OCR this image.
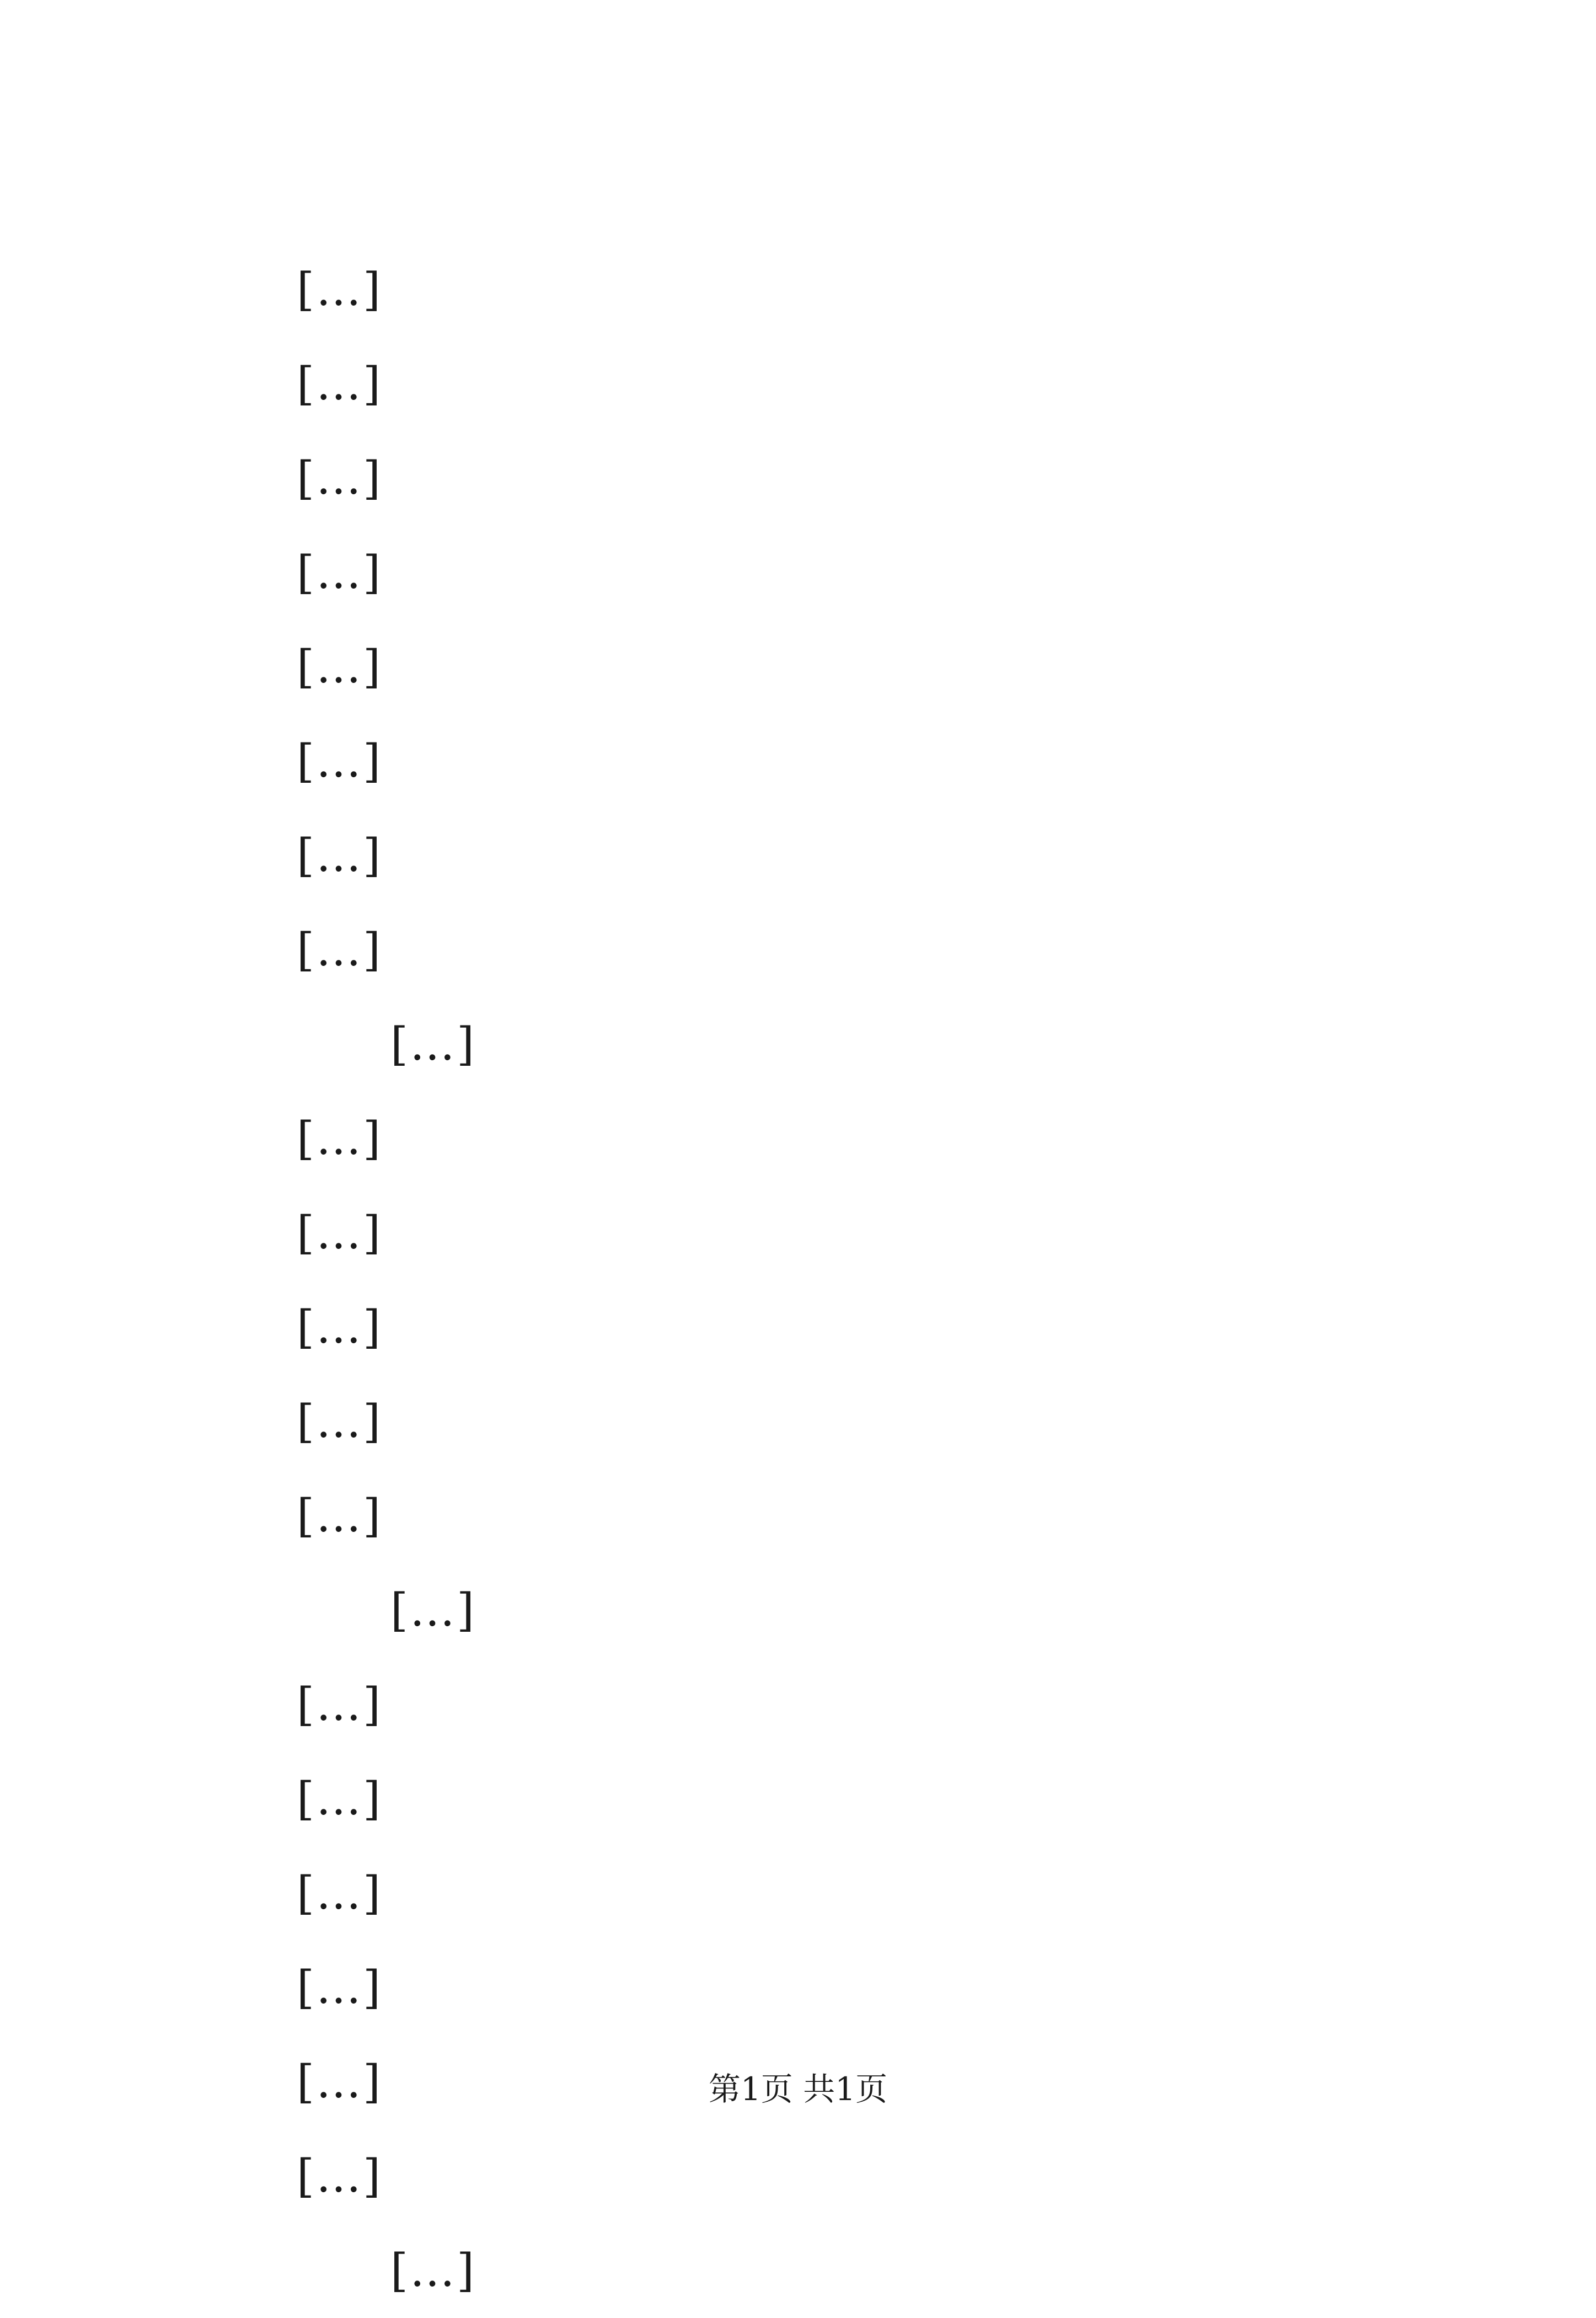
[…]
[…]
[…]
[…]
[…]
[…]
[…]
[…]
[…]
[…]
[…]
[…]
[…]
[…]
[…]
[…]
[…]
[…]
[…]
[…]
[…]
[…]
第1页 共1页
